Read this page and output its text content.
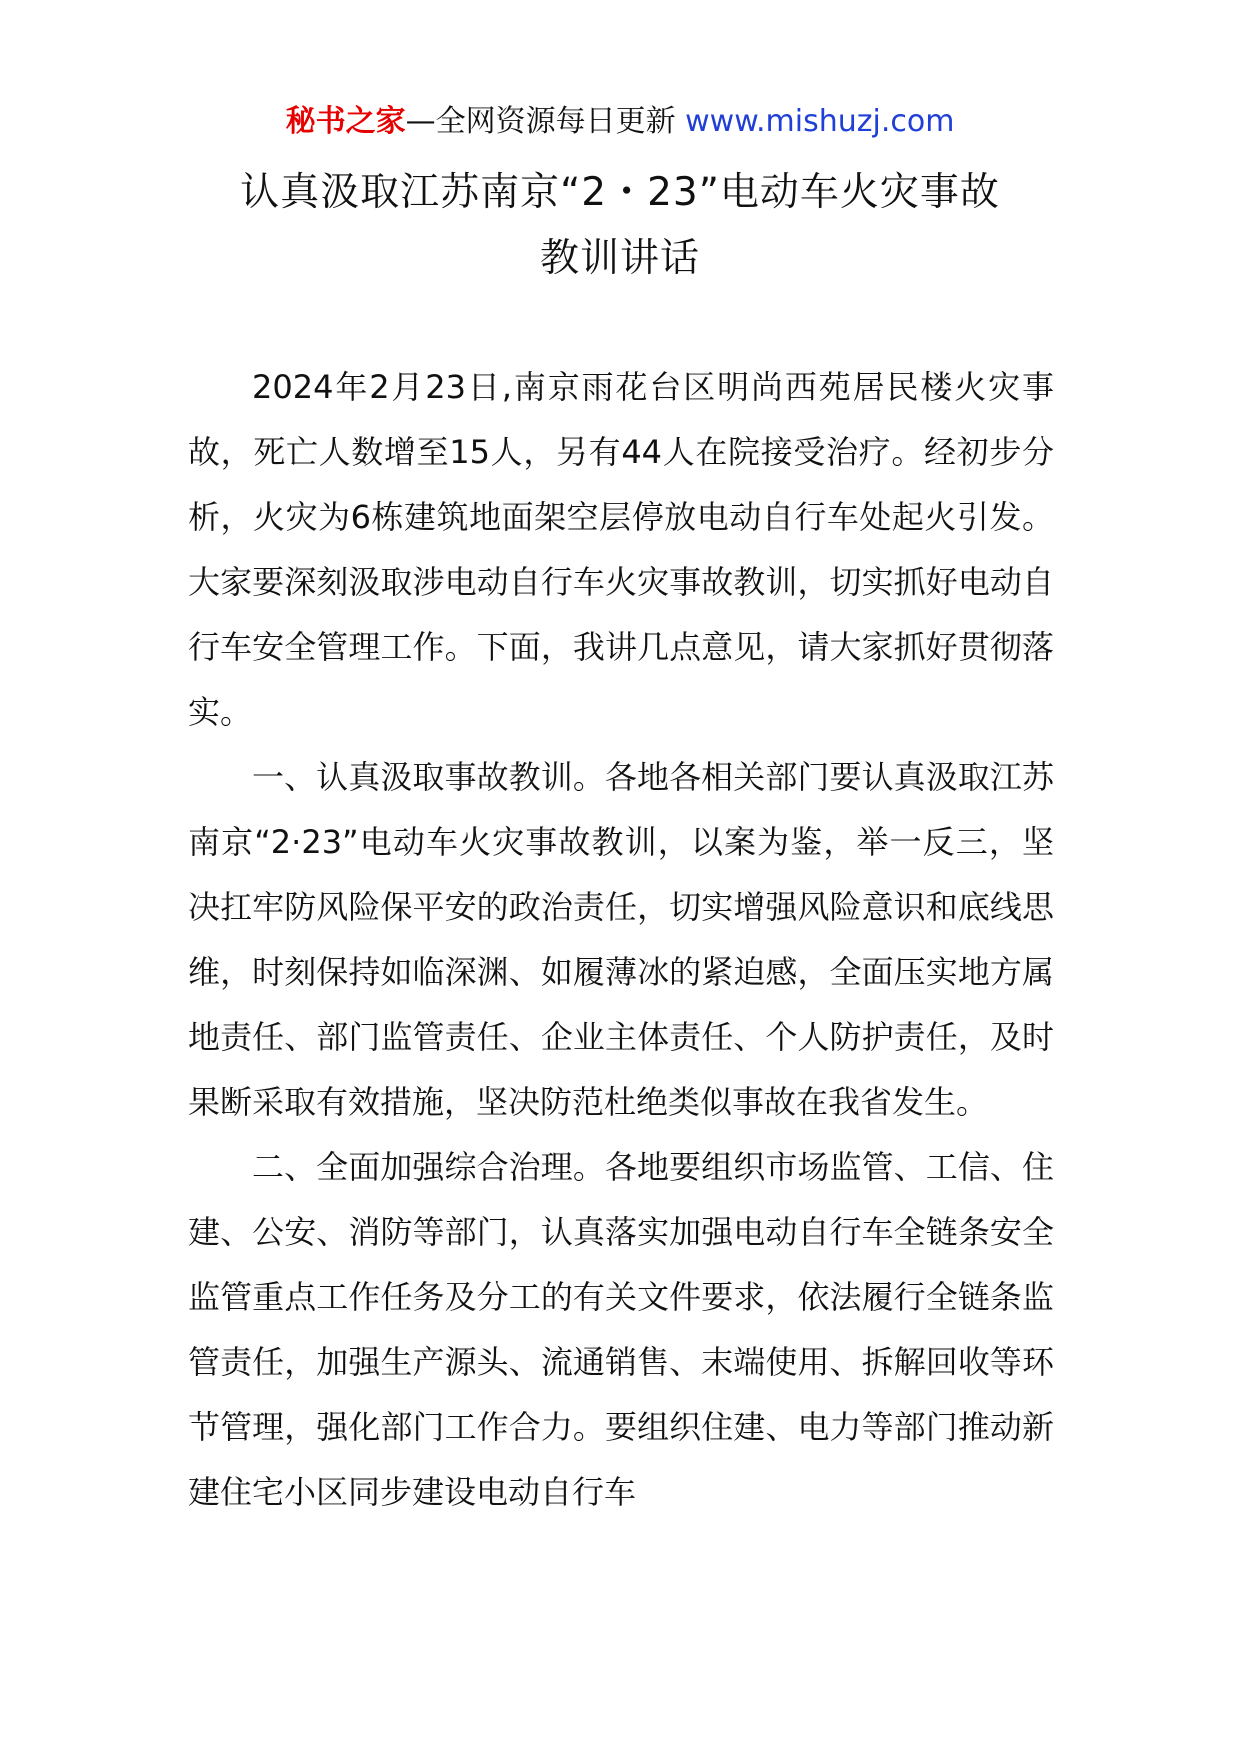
秘书之家—全网资源每日更新 www.mishuzj.com
认真汲取江苏南京“2・23”电动车火灾事故
教训讲话

2024年2月23日,南京雨花台区明尚西苑居民楼火灾事故，死亡人数增至15人，另有44人在院接受治疗。经初步分析，火灾为6栋建筑地面架空层停放电动自行车处起火引发。大家要深刻汲取涉电动自行车火灾事故教训，切实抓好电动自行车安全管理工作。下面，我讲几点意见，请大家抓好贯彻落实。

一、认真汲取事故教训。各地各相关部门要认真汲取江苏南京“2·23”电动车火灾事故教训，以案为鉴，举一反三，坚决扛牢防风险保平安的政治责任，切实增强风险意识和底线思维，时刻保持如临深渊、如履薄冰的紧迫感，全面压实地方属地责任、部门监管责任、企业主体责任、个人防护责任，及时果断采取有效措施，坚决防范杜绝类似事故在我省发生。

二、全面加强综合治理。各地要组织市场监管、工信、住建、公安、消防等部门，认真落实加强电动自行车全链条安全监管重点工作任务及分工的有关文件要求，依法履行全链条监管责任，加强生产源头、流通销售、末端使用、拆解回收等环节管理，强化部门工作合力。要组织住建、电力等部门推动新建住宅小区同步建设电动自行车
